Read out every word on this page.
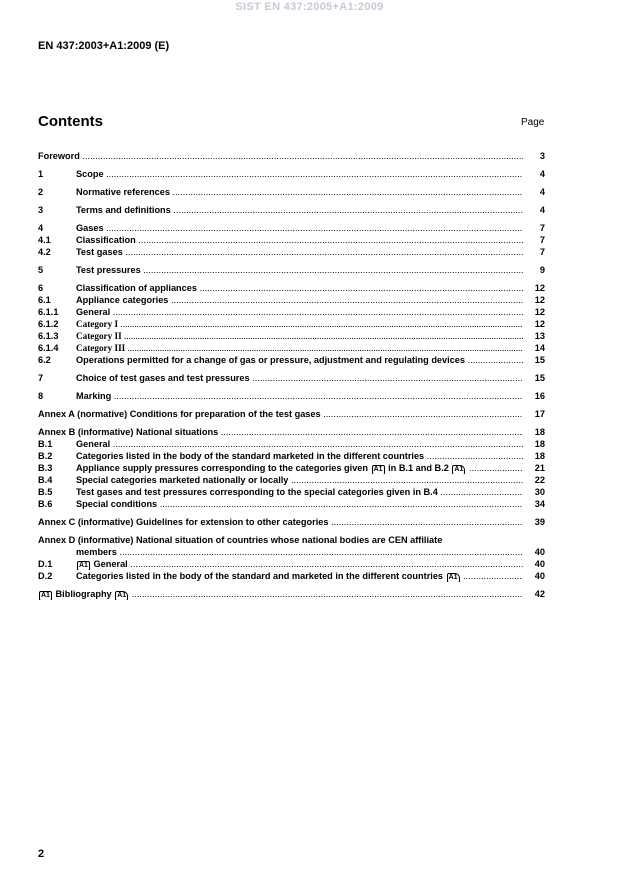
SIST EN 437:2005+A1:2009
EN 437:2003+A1:2009 (E)
Contents	Page
Foreword .....	3
1	Scope .....	4
2	Normative references .....	4
3	Terms and definitions .....	4
4	Gases .....	7
4.1	Classification .....	7
4.2	Test gases .....	7
5	Test pressures .....	9
6	Classification of appliances .....	12
6.1	Appliance categories .....	12
6.1.1 General .....	12
6.1.2 Category I .....	12
6.1.3 Category II .....	13
6.1.4 Category III .....	14
6.2	Operations permitted for a change of gas or pressure, adjustment and regulating devices .....	15
7	Choice of test gases and test pressures .....	15
8	Marking .....	16
Annex A (normative) Conditions for preparation of the test gases .....	17
Annex B (informative) National situations .....	18
B.1	General .....	18
B.2	Categories listed in the body of the standard marketed in the different countries .....	18
B.3	Appliance supply pressures corresponding to the categories given A1 in B.1 and B.2 A1 .....	21
B.4	Special categories marketed nationally or locally .....	22
B.5	Test gases and test pressures corresponding to the special categories given in B.4 .....	30
B.6	Special conditions .....	34
Annex C (informative) Guidelines for extension to other categories .....	39
Annex D (informative) National situation of countries whose national bodies are CEN affiliate
members .....	40
D.1	A1 General .....	40
D.2	Categories listed in the body of the standard and marketed in the different countries A1 .....	40
A1 Bibliography A1 .....	42
2
